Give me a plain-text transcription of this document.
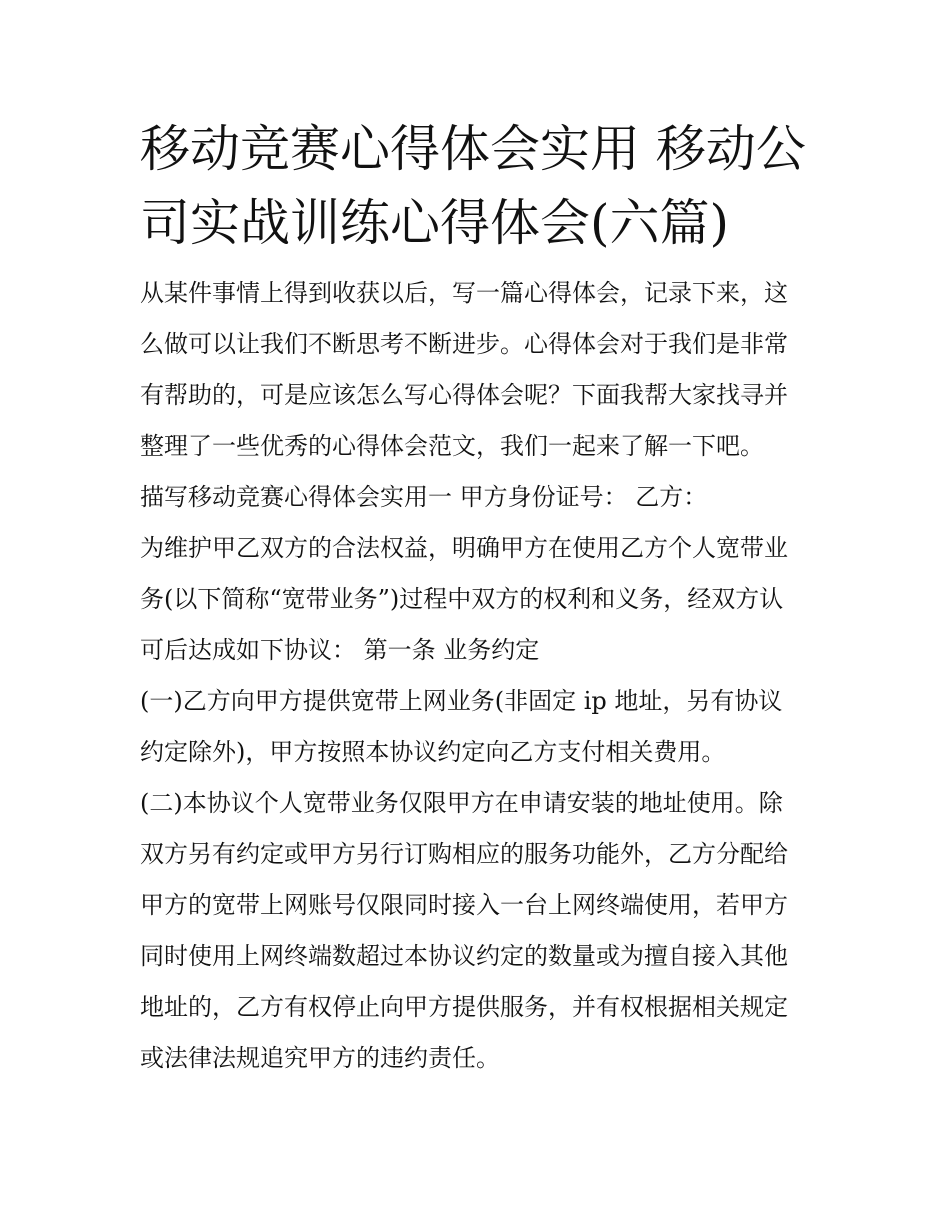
移动竞赛心得体会实用 移动公
司实战训练心得体会(六篇)
从某件事情上得到收获以后，写一篇心得体会，记录下来，这
么做可以让我们不断思考不断进步。心得体会对于我们是非常
有帮助的，可是应该怎么写心得体会呢？下面我帮大家找寻并
整理了一些优秀的心得体会范文，我们一起来了解一下吧。
描写移动竞赛心得体会实用一 甲方身份证号： 乙方：
为维护甲乙双方的合法权益，明确甲方在使用乙方个人宽带业
务(以下简称“宽带业务”)过程中双方的权利和义务，经双方认
可后达成如下协议： 第一条 业务约定
(一)乙方向甲方提供宽带上网业务(非固定 ip 地址，另有协议
约定除外)，甲方按照本协议约定向乙方支付相关费用。
(二)本协议个人宽带业务仅限甲方在申请安装的地址使用。除
双方另有约定或甲方另行订购相应的服务功能外，乙方分配给
甲方的宽带上网账号仅限同时接入一台上网终端使用，若甲方
同时使用上网终端数超过本协议约定的数量或为擅自接入其他
地址的，乙方有权停止向甲方提供服务，并有权根据相关规定
或法律法规追究甲方的违约责任。
